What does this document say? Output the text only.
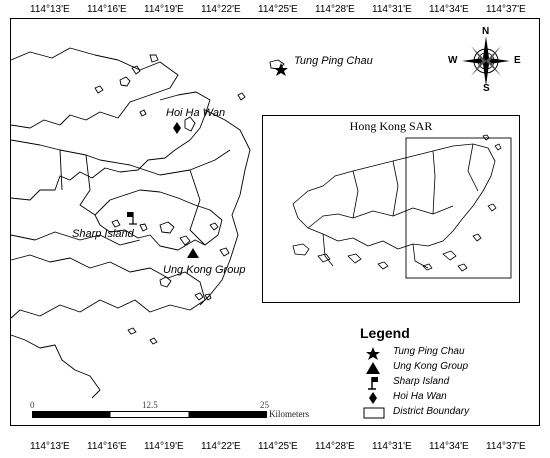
114°13'E 114°16'E 114°19'E 114°22'E 114°25'E 114°28'E 114°31'E 114°34'E 114°37'E
Tung Ping Chau
Hoi Ha Wan
Sharp Island
Ung Kong Group
N
S
E
W
Hong Kong SAR
Legend
Tung Ping Chau
Ung Kong Group
Sharp Island
Hoi Ha Wan
District Boundary
0	12.5	25
Kilometers
114°13'E 114°16'E 114°19'E 114°22'E 114°25'E 114°28'E 114°31'E 114°34'E 114°37'E
